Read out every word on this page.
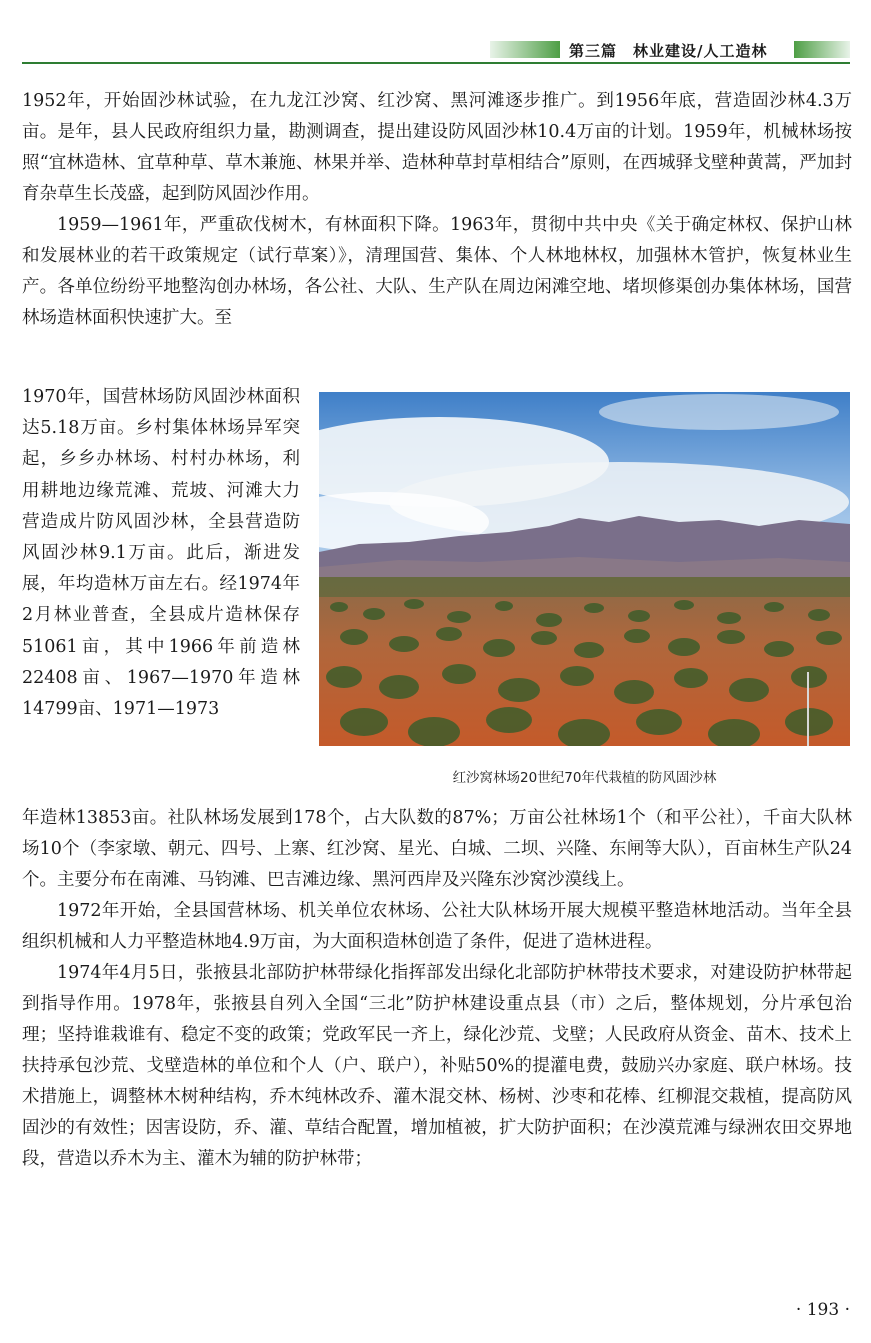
第三篇　林业建设/人工造林

1952年，开始固沙林试验，在九龙江沙窝、红沙窝、黑河滩逐步推广。到1956年底，营造固沙林4.3万亩。是年，县人民政府组织力量，勘测调查，提出建设防风固沙林10.4万亩的计划。1959年，机械林场按照“宜林造林、宜草种草、草木兼施、林果并举、造林种草封草相结合”原则，在西城驿戈壁种黄蒿，严加封育杂草生长茂盛，起到防风固沙作用。

1959—1961年，严重砍伐树木，有林面积下降。1963年，贯彻中共中央《关于确定林权、保护山林和发展林业的若干政策规定（试行草案）》，清理国营、集体、个人林地林权，加强林木管护，恢复林业生产。各单位纷纷平地整沟创办林场，各公社、大队、生产队在周边闲滩空地、堵坝修渠创办集体林场，国营林场造林面积快速扩大。至

1970年，国营林场防风固沙林面积达5.18万亩。乡村集体林场异军突起，乡乡办林场、村村办林场，利用耕地边缘荒滩、荒坡、河滩大力营造成片防风固沙林，全县营造防风固沙林9.1万亩。此后，渐进发展，年均造林万亩左右。经1974年2月林业普查，全县成片造林保存51061亩，其中1966年前造林22408亩、1967—1970年造林14799亩、1971—1973

红沙窝林场20世纪70年代栽植的防风固沙林

年造林13853亩。社队林场发展到178个，占大队数的87%；万亩公社林场1个（和平公社），千亩大队林场10个（李家墩、朝元、四号、上寨、红沙窝、星光、白城、二坝、兴隆、东闸等大队），百亩林生产队24个。主要分布在南滩、马钧滩、巴吉滩边缘、黑河西岸及兴隆东沙窝沙漠线上。

1972年开始，全县国营林场、机关单位农林场、公社大队林场开展大规模平整造林地活动。当年全县组织机械和人力平整造林地4.9万亩，为大面积造林创造了条件，促进了造林进程。

1974年4月5日，张掖县北部防护林带绿化指挥部发出绿化北部防护林带技术要求，对建设防护林带起到指导作用。1978年，张掖县自列入全国“三北”防护林建设重点县（市）之后，整体规划，分片承包治理；坚持谁栽谁有、稳定不变的政策；党政军民一齐上，绿化沙荒、戈壁；人民政府从资金、苗木、技术上扶持承包沙荒、戈壁造林的单位和个人（户、联户），补贴50%的提灌电费，鼓励兴办家庭、联户林场。技术措施上，调整林木树种结构，乔木纯林改乔、灌木混交林、杨树、沙枣和花棒、红柳混交栽植，提高防风固沙的有效性；因害设防，乔、灌、草结合配置，增加植被，扩大防护面积；在沙漠荒滩与绿洲农田交界地段，营造以乔木为主、灌木为辅的防护林带；

· 193 ·
